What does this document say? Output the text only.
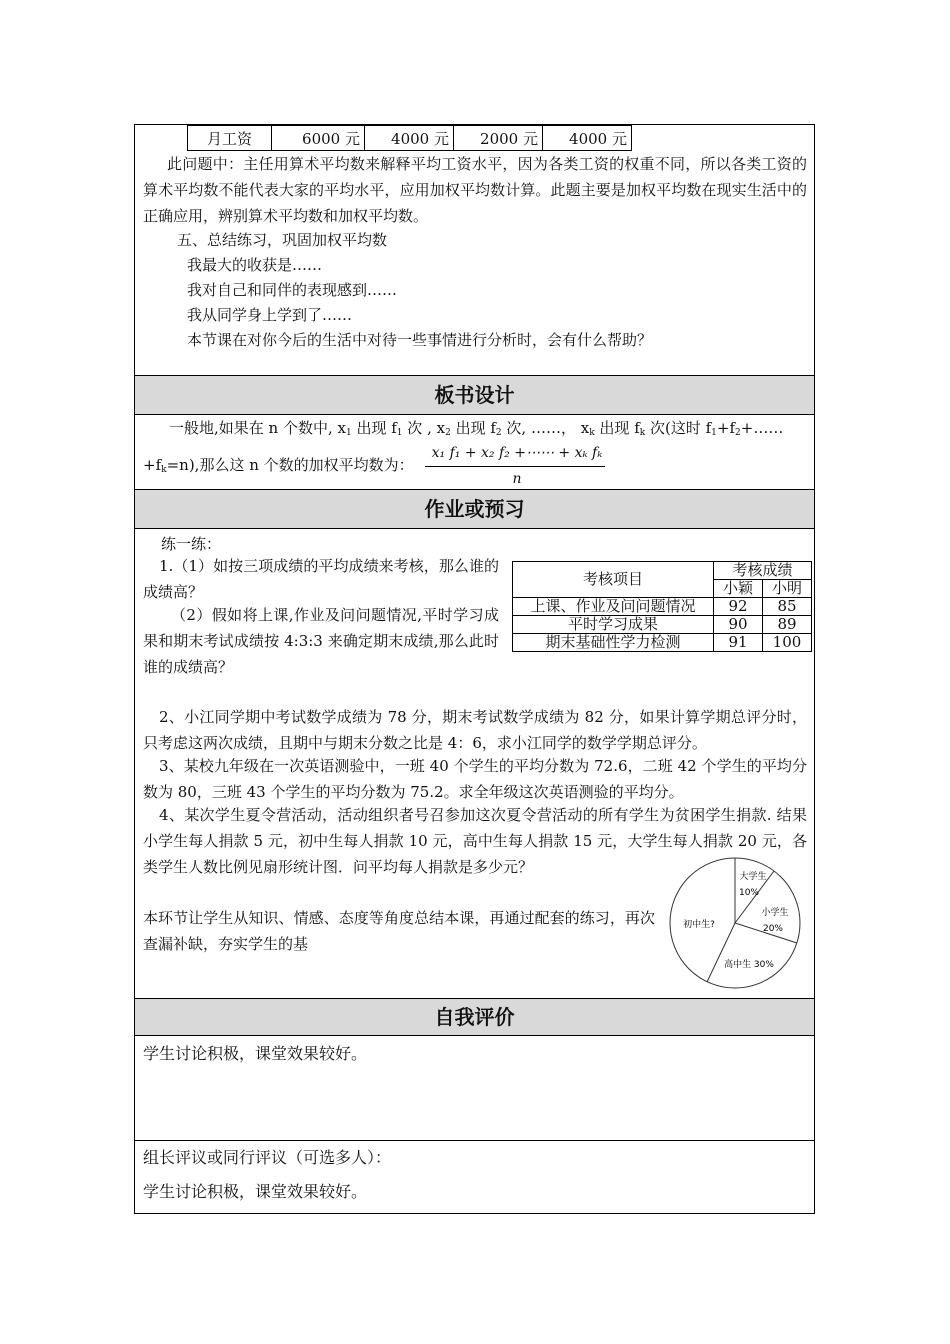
月工资	6000 元	4000 元	2000 元	4000 元
此问题中：主任用算术平均数来解释平均工资水平，因为各类工资的权重不同，所以各类工资的算术平均数不能代表大家的平均水平，应用加权平均数计算。此题主要是加权平均数在现实生活中的正确应用，辨别算术平均数和加权平均数。
五、总结练习，巩固加权平均数
我最大的收获是……
我对自己和同伴的表现感到……
我从同学身上学到了……
本节课在对你今后的生活中对待一些事情进行分析时，会有什么帮助？
板书设计
一般地,如果在 n 个数中, $x_1$ 出现 $f_1$ 次 , $x_2$ 出现 $f_2$ 次, ……， $x_k$ 出现 $f_k$ 次(这时 $f_1+f_2+\dots\dots$
$+f_k=n$),那么这 n 个数的加权平均数为：
x₁ f₁ + x₂ f₂ +⋯⋯ + xₖ fₖ
n
作业或预习
练一练：
1.（1）如按三项成绩的平均成绩来考核，那么谁的成绩高？
（2）假如将上课,作业及问问题情况,平时学习成果和期末考试成绩按 4:3:3 来确定期末成绩,那么此时谁的成绩高？
考核项目	考核成绩	
	小颖	小明
上课、作业及问问题情况	92	85
平时学习成果	90	89
期末基础性学力检测	91	100
2、小江同学期中考试数学成绩为 78 分，期末考试数学成绩为 82 分，如果计算学期总评分时，只考虑这两次成绩，且期中与期末分数之比是 4：6，求小江同学的数学学期总评分。
3、某校九年级在一次英语测验中，一班 40 个学生的平均分数为 72.6，二班 42 个学生的平均分数为 80，三班 43 个学生的平均分数为 75.2。求全年级这次英语测验的平均分。
4、某次学生夏令营活动，活动组织者号召参加这次夏令营活动的所有学生为贫困学生捐款. 结果小学生每人捐款 5 元，初中生每人捐款 10 元，高中生每人捐款 15 元，大学生每人捐款 20 元，各类学生人数比例见扇形统计图．问平均每人捐款是多少元？
本环节让学生从知识、情感、态度等角度总结本课，再通过配套的练习，再次查漏补缺，夯实学生的基
大学生
10%
小学生
20%
高中生 30%
初中生?
自我评价
学生讨论积极，课堂效果较好。
组长评议或同行评议（可选多人）：
学生讨论积极，课堂效果较好。
